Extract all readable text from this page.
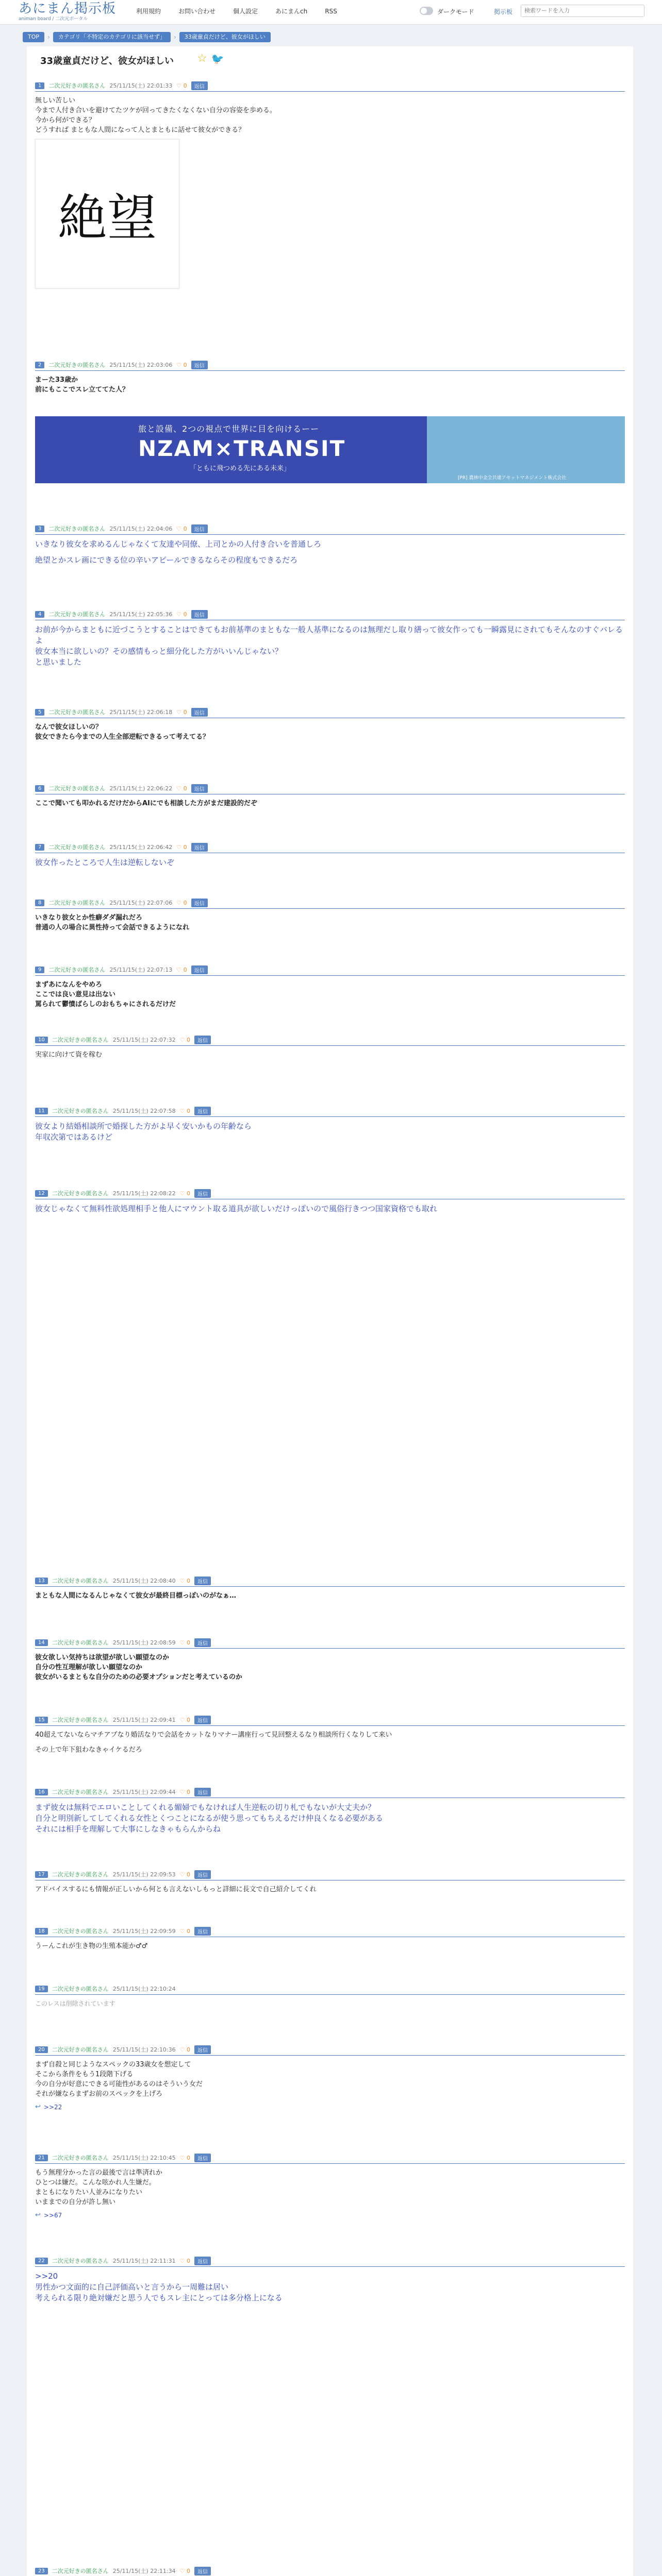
あにまん掲示板
animan board / 二次元ポータル
利用規約	お問い合わせ	個人設定	あにまんch	RSS	ダークモード	掲示板
検索ワードを入力
TOP	›	カテゴリ「不特定のカテゴリに該当せず」	›	33歳童貞だけど、彼女がほしい
33歳童貞だけど、彼女がほしい ☆ 🐦
旅と設備、2つの視点で世界に目を向けるーー
NZAM×TRANSIT
「ともに飛つめる先にある未来」
[PR] 農林中金全共連アセットマネジメント株式会社
1	二次元好きの匿名さん 25/11/15(土) 22:01:33 ♡ 0	返信
無しい苦しい
今まで人付き合いを避けてたツケが回ってきたくなくない自分の容姿を歩める。
今から何ができる？
どうすれば まともな人間になって人とまともに話せて彼女ができる？
絶望
2	二次元好きの匿名さん 25/11/15(土) 22:03:06 ♡ 0	返信
まーた33歳か
前にもここでスレ立ててた人？
3	二次元好きの匿名さん 25/11/15(土) 22:04:06 ♡ 0	返信
いきなり彼女を求めるんじゃなくて友達や同僚、上司とかの人付き合いを普通しろ
絶望とかスレ画にできる位の辛いアピールできるならその程度もできるだろ
4	二次元好きの匿名さん 25/11/15(土) 22:05:36 ♡ 0	返信
お前が今からまともに近づこうとすることはできてもお前基準のまともな一般人基準になるのは無理だし取り繕って彼女作っても一瞬露見にされてもそんなのすぐバレるよ
彼女本当に欲しいの？その感情もっと細分化した方がいいんじゃない？
と思いました
5	二次元好きの匿名さん 25/11/15(土) 22:06:18 ♡ 0	返信
なんで彼女ほしいの？
彼女できたら今までの人生全部逆転できるって考えてる？
6	二次元好きの匿名さん 25/11/15(土) 22:06:22 ♡ 0	返信
ここで聞いても叩かれるだけだからAIにでも相談した方がまだ建設的だぞ
7	二次元好きの匿名さん 25/11/15(土) 22:06:42 ♡ 0	返信
彼女作ったところで人生は逆転しないぞ
8	二次元好きの匿名さん 25/11/15(土) 22:07:06 ♡ 0	返信
いきなり彼女とか性癖ダダ漏れだろ
普通の人の場合に異性持って会話できるようになれ
9	二次元好きの匿名さん 25/11/15(土) 22:07:13 ♡ 0	返信
まずあになんをやめろ
ここでは良い意見は出ない
罵られて鬱憤ばらしのおもちゃにされるだけだ
10	二次元好きの匿名さん 25/11/15(土) 22:07:32 ♡ 0	返信
実家に向けて資を稼む
11	二次元好きの匿名さん 25/11/15(土) 22:07:58 ♡ 0	返信
彼女より結婚相談所で婚探した方がよ早く安いかもの年齢なら
年収次第ではあるけど
12	二次元好きの匿名さん 25/11/15(土) 22:08:22 ♡ 0	返信
彼女じゃなくて無料性欲処理相手と他人にマウント取る道具が欲しいだけっぽいので風俗行きつつ国家資格でも取れ
13	二次元好きの匿名さん 25/11/15(土) 22:08:40 ♡ 0	返信
まともな人間になるんじゃなくて彼女が最終目標っぽいのがなぁ…
14	二次元好きの匿名さん 25/11/15(土) 22:08:59 ♡ 0	返信
彼女欲しい気持ちは欲望が欲しい願望なのか
自分の性互理解が欲しい願望なのか
彼女がいるまともな自分のための必要オプションだと考えているのか
15	二次元好きの匿名さん 25/11/15(土) 22:09:41 ♡ 0	返信
40超えてないならマチアプなり婚活なりで会話をカットなりマナー講座行って見回整えるなり相談所行くなりして来い
その上で年下狙わなきゃイケるだろ
16	二次元好きの匿名さん 25/11/15(土) 22:09:44 ♡ 0	返信
まず彼女は無料でエロいことしてくれる媚婦でもなければ人生逆転の切り札でもないが大丈夫か？
自分と明別新してしてくれる女性とくつことになるが使う思ってもちえるだけ仲良くなる必要がある
それには相手を理解して大事にしなきゃもらんからね
17	二次元好きの匿名さん 25/11/15(土) 22:09:53 ♡ 0	返信
アドバイスするにも情報が正しいから何とも言えないしもっと詳細に長文で自己紹介してくれ
18	二次元好きの匿名さん 25/11/15(土) 22:09:59 ♡ 0	返信
うーんこれが生き物の生殖本能か♂♂
19	二次元好きの匿名さん 25/11/15(土) 22:10:24
このレスは削除されています
20	二次元好きの匿名さん 25/11/15(土) 22:10:36 ♡ 0	返信
まず自殺と同じようなスペックの33歳女を想定して
そこから条件をもう1段階下げる
今の自分が好意にできる可能性があるのはそういう女だ
それが嫌ならまずお前のスペックを上げろ
↩ >>22
21	二次元好きの匿名さん 25/11/15(土) 22:10:45 ♡ 0	返信
もう無理分かった言の最後で言は準済れか
ひとつは嫌だ。こんな呟かれ人生嫌だ。
まともになりたい人並みになりたい
いままでの自分が許し無い
↩ >>67
22	二次元好きの匿名さん 25/11/15(土) 22:11:31 ♡ 0	返信
>>20
男性かつ文面的に自己評価高いと言うから一周難は居い
考えられる限り絶対嫌だと思う人でもスレ主にとっては多分格上になる
23	二次元好きの匿名さん 25/11/15(土) 22:11:34 ♡ 0	返信
